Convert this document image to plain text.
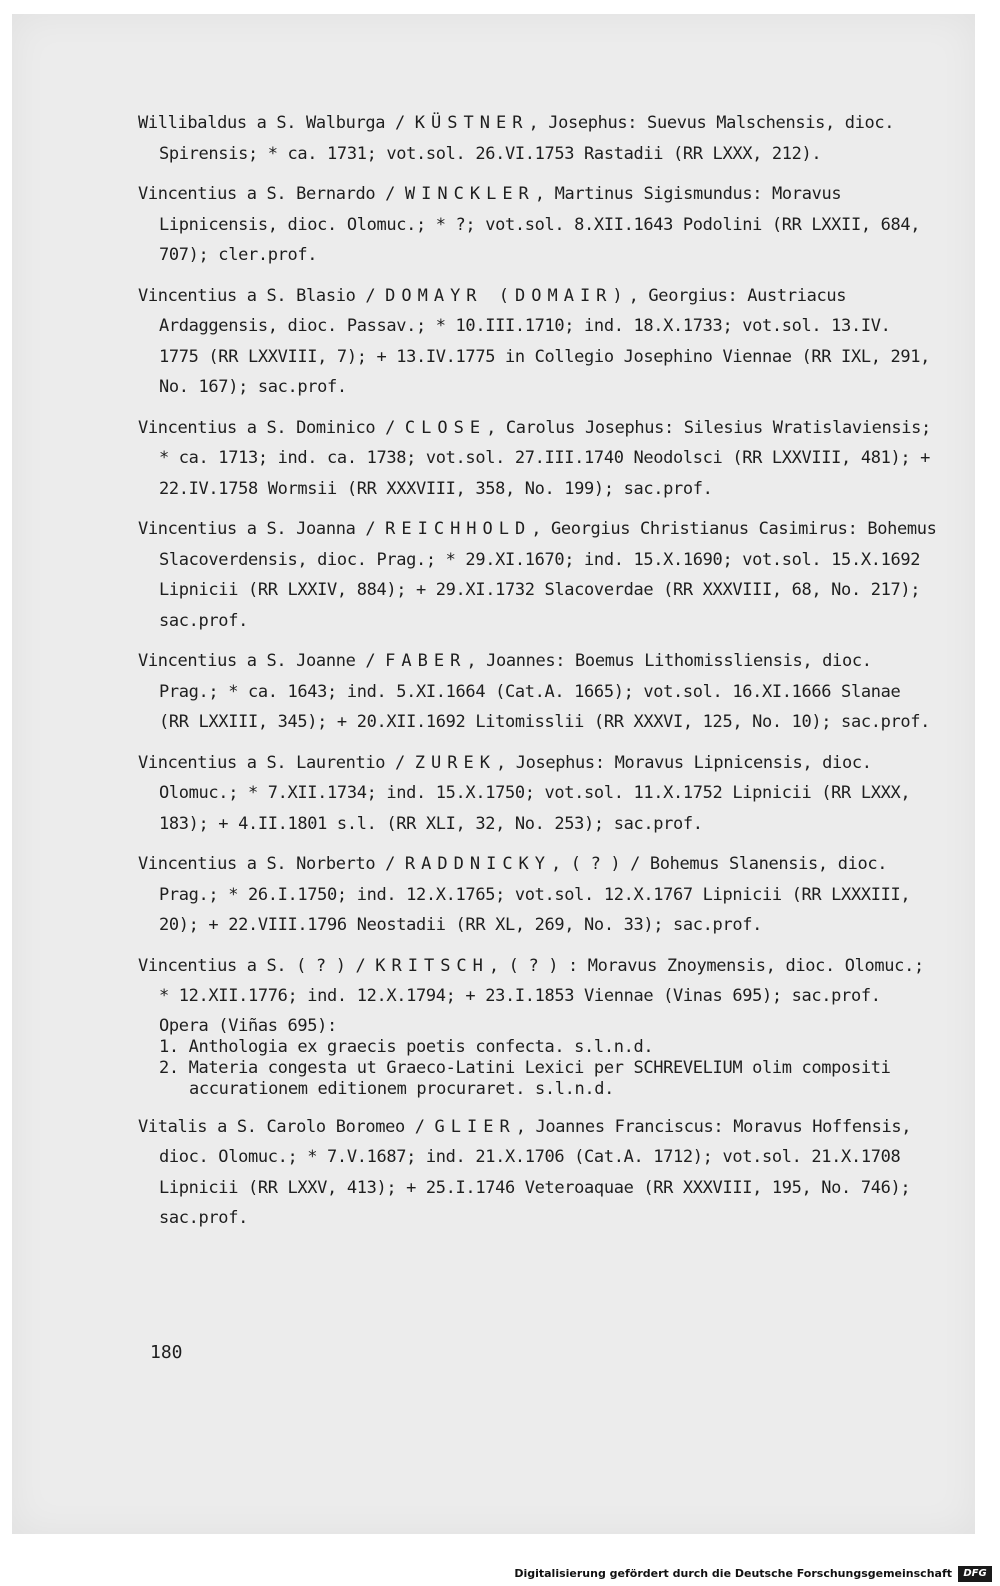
Willibaldus a S. Walburga / KÜSTNER, Josephus: Suevus Malschensis, dioc. Spirensis; * ca. 1731; vot.sol. 26.VI.1753 Rastadii (RR LXXX, 212).

Vincentius a S. Bernardo / WINCKLER, Martinus Sigismundus: Moravus Lipnicensis, dioc. Olomuc.; * ?; vot.sol. 8.XII.1643 Podolini (RR LXXII, 684, 707); cler.prof.

Vincentius a S. Blasio / DOMAYR (DOMAIR), Georgius: Austriacus Ardaggensis, dioc. Passav.; * 10.III.1710; ind. 18.X.1733; vot.sol. 13.IV. 1775 (RR LXXVIII, 7); + 13.IV.1775 in Collegio Josephino Viennae (RR IXL, 291, No. 167); sac.prof.

Vincentius a S. Dominico / CLOSE, Carolus Josephus: Silesius Wratislaviensis; * ca. 1713; ind. ca. 1738; vot.sol. 27.III.1740 Neodolsci (RR LXXVIII, 481); + 22.IV.1758 Wormsii (RR XXXVIII, 358, No. 199); sac.prof.

Vincentius a S. Joanna / REICHHOLD, Georgius Christianus Casimirus: Bohemus Slacoverdensis, dioc. Prag.; * 29.XI.1670; ind. 15.X.1690; vot.sol. 15.X.1692 Lipnicii (RR LXXIV, 884); + 29.XI.1732 Slacoverdae (RR XXXVIII, 68, No. 217); sac.prof.

Vincentius a S. Joanne / FABER, Joannes: Boemus Lithomissliensis, dioc. Prag.; * ca. 1643; ind. 5.XI.1664 (Cat.A. 1665); vot.sol. 16.XI.1666 Slanae (RR LXXIII, 345); + 20.XII.1692 Litomisslii (RR XXXVI, 125, No. 10); sac.prof.

Vincentius a S. Laurentio / ZUREK, Josephus: Moravus Lipnicensis, dioc. Olomuc.; * 7.XII.1734; ind. 15.X.1750; vot.sol. 11.X.1752 Lipnicii (RR LXXX, 183); + 4.II.1801 s.l. (RR XLI, 32, No. 253); sac.prof.

Vincentius a S. Norberto / RADDNICKY, ( ? ) / Bohemus Slanensis, dioc. Prag.; * 26.I.1750; ind. 12.X.1765; vot.sol. 12.X.1767 Lipnicii (RR LXXXIII, 20); + 22.VIII.1796 Neostadii (RR XL, 269, No. 33); sac.prof.

Vincentius a S. ( ? ) / KRITSCH, ( ? ) : Moravus Znoymensis, dioc. Olomuc.; * 12.XII.1776; ind. 12.X.1794; + 23.I.1853 Viennae (Vinas 695); sac.prof.

Opera (Viñas 695):
1. Anthologia ex graecis poetis confecta. s.l.n.d.
2. Materia congesta ut Graeco-Latini Lexici per SCHREVELIUM olim compositi accurationem editionem procuraret. s.l.n.d.

Vitalis a S. Carolo Boromeo / GLIER, Joannes Franciscus: Moravus Hoffensis, dioc. Olomuc.; * 7.V.1687; ind. 21.X.1706 (Cat.A. 1712); vot.sol. 21.X.1708 Lipnicii (RR LXXV, 413); + 25.I.1746 Veteroaquae (RR XXXVIII, 195, No. 746); sac.prof.

180
Digitalisierung gefördert durch die Deutsche Forschungsgemeinschaft	DFG
